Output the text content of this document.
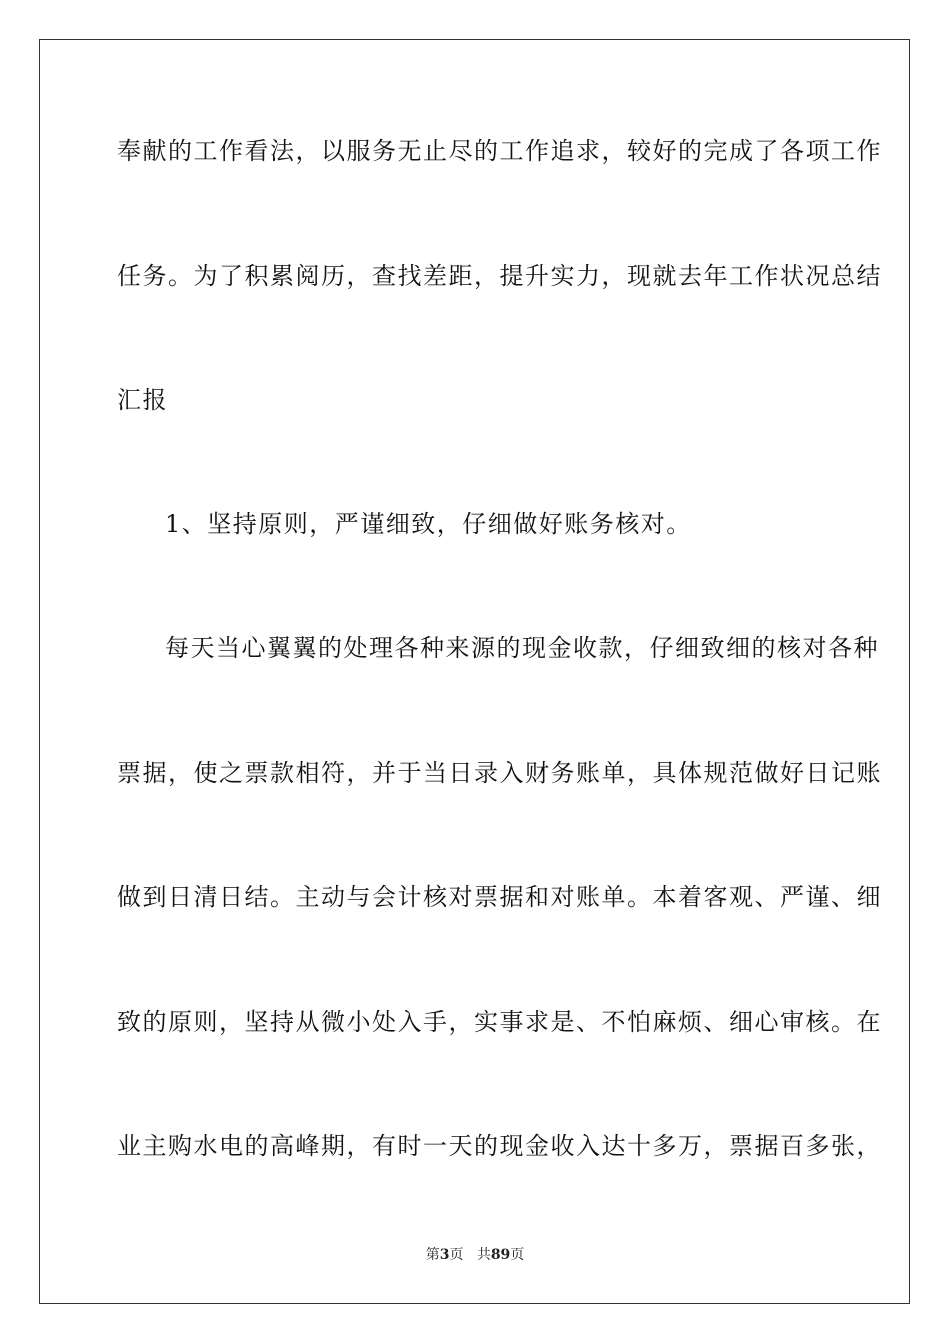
奉献的工作看法，以服务无止尽的工作追求，较好的完成了各项工作
任务。为了积累阅历，查找差距，提升实力，现就去年工作状况总结
汇报
1、坚持原则，严谨细致，仔细做好账务核对。
每天当心翼翼的处理各种来源的现金收款，仔细致细的核对各种
票据，使之票款相符，并于当日录入财务账单，具体规范做好日记账
做到日清日结。主动与会计核对票据和对账单。本着客观、严谨、细
致的原则，坚持从微小处入手，实事求是、不怕麻烦、细心审核。在
业主购水电的高峰期，有时一天的现金收入达十多万，票据百多张，
第3页 共89页
